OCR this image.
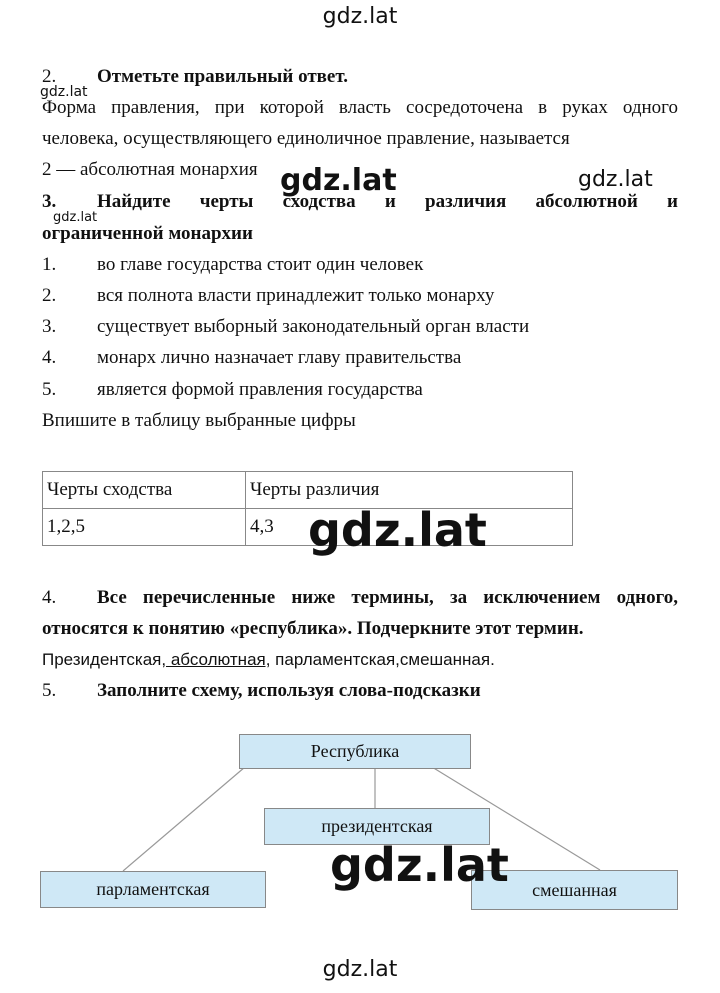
gdz.lat
gdz.lat
2. Отметьте правильный ответ.
Форма правления, при которой власть сосредоточена в руках одного
человека, осуществляющего единоличное правление, называется
2 — абсолютная монархия gdz.lat	gdz.lat
3. Найдите черты сходства и различия абсолютной и
ограниченной монархии
gdz.lat
1. во главе государства стоит один человек
2. вся полнота власти принадлежит только монарху
3. существует выборный законодательный орган власти
4. монарх лично назначает главу правительства
5. является формой правления государства
Впишите в таблицу выбранные цифры
Черты сходства	Черты различия
1,2,5	4,3 gdz.lat
4. Все перечисленные ниже термины, за исключением одного,
относятся к понятию «республика». Подчеркните этот термин.
Президентская, абсолютная, парламентская,смешанная.
5. Заполните схему, используя слова-подсказки
Республика
президентская
парламентская	смешанная
gdz.lat
gdz.lat
